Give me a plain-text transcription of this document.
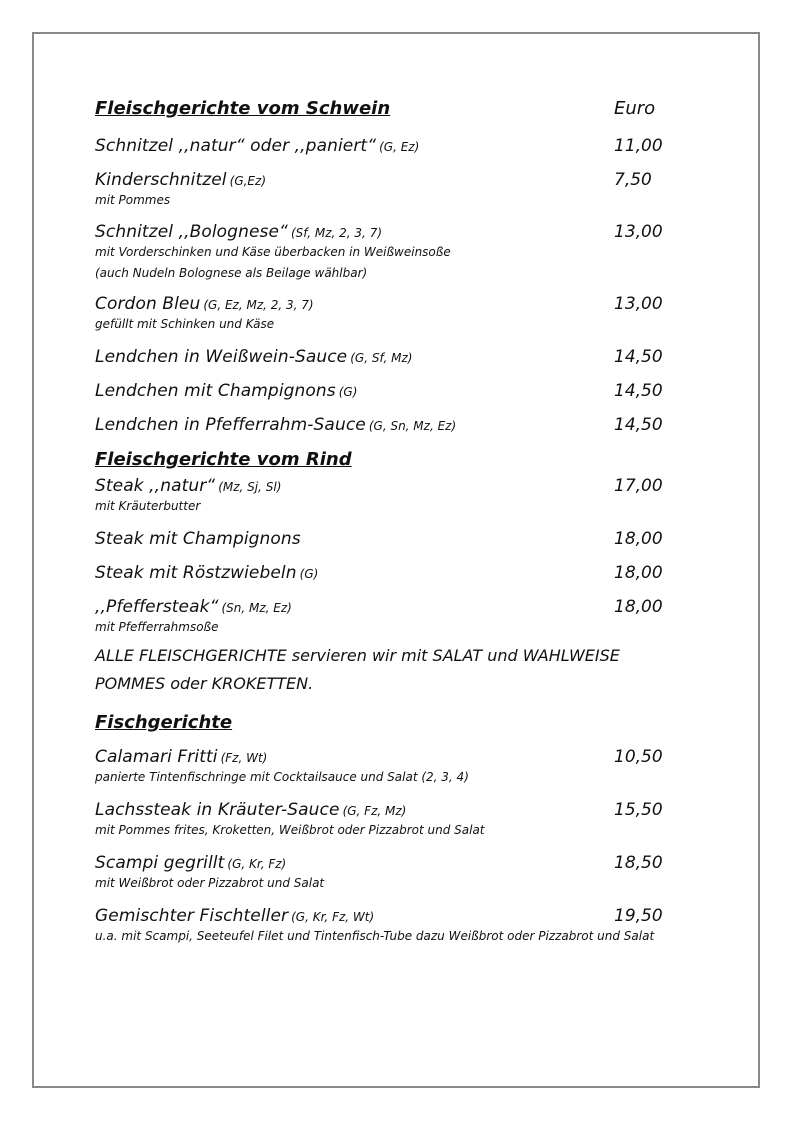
Fleischgerichte vom Schwein	Euro
Schnitzel ,,natur“ oder ,,paniert“ (G, Ez)	11,00
Kinderschnitzel (G,Ez)	7,50
mit Pommes
Schnitzel ,,Bolognese“ (Sf, Mz, 2, 3, 7)	13,00
mit Vorderschinken und Käse überbacken in Weißweinsoße
(auch Nudeln Bolognese als Beilage wählbar)
Cordon Bleu (G, Ez, Mz, 2, 3, 7)	13,00
gefüllt mit Schinken und Käse
Lendchen in Weißwein-Sauce (G, Sf, Mz)	14,50
Lendchen mit Champignons (G)	14,50
Lendchen in Pfefferrahm-Sauce (G, Sn, Mz, Ez)	14,50
Fleischgerichte vom Rind
Steak ,,natur“ (Mz, Sj, Sl)	17,00
mit Kräuterbutter
Steak mit Champignons	18,00
Steak mit Röstzwiebeln (G)	18,00
,,Pfeffersteak“ (Sn, Mz, Ez)	18,00
mit Pfefferrahmsoße
ALLE FLEISCHGERICHTE servieren wir mit SALAT und WAHLWEISE POMMES oder KROKETTEN.
Fischgerichte
Calamari Fritti (Fz, Wt)	10,50
panierte Tintenfischringe mit Cocktailsauce und Salat (2, 3, 4)
Lachssteak in Kräuter-Sauce (G, Fz, Mz)	15,50
mit Pommes frites, Kroketten, Weißbrot oder Pizzabrot und Salat
Scampi gegrillt (G, Kr, Fz)	18,50
mit Weißbrot oder Pizzabrot und Salat
Gemischter Fischteller (G, Kr, Fz, Wt)	19,50
u.a. mit Scampi, Seeteufel Filet und Tintenfisch-Tube dazu Weißbrot oder Pizzabrot und Salat
